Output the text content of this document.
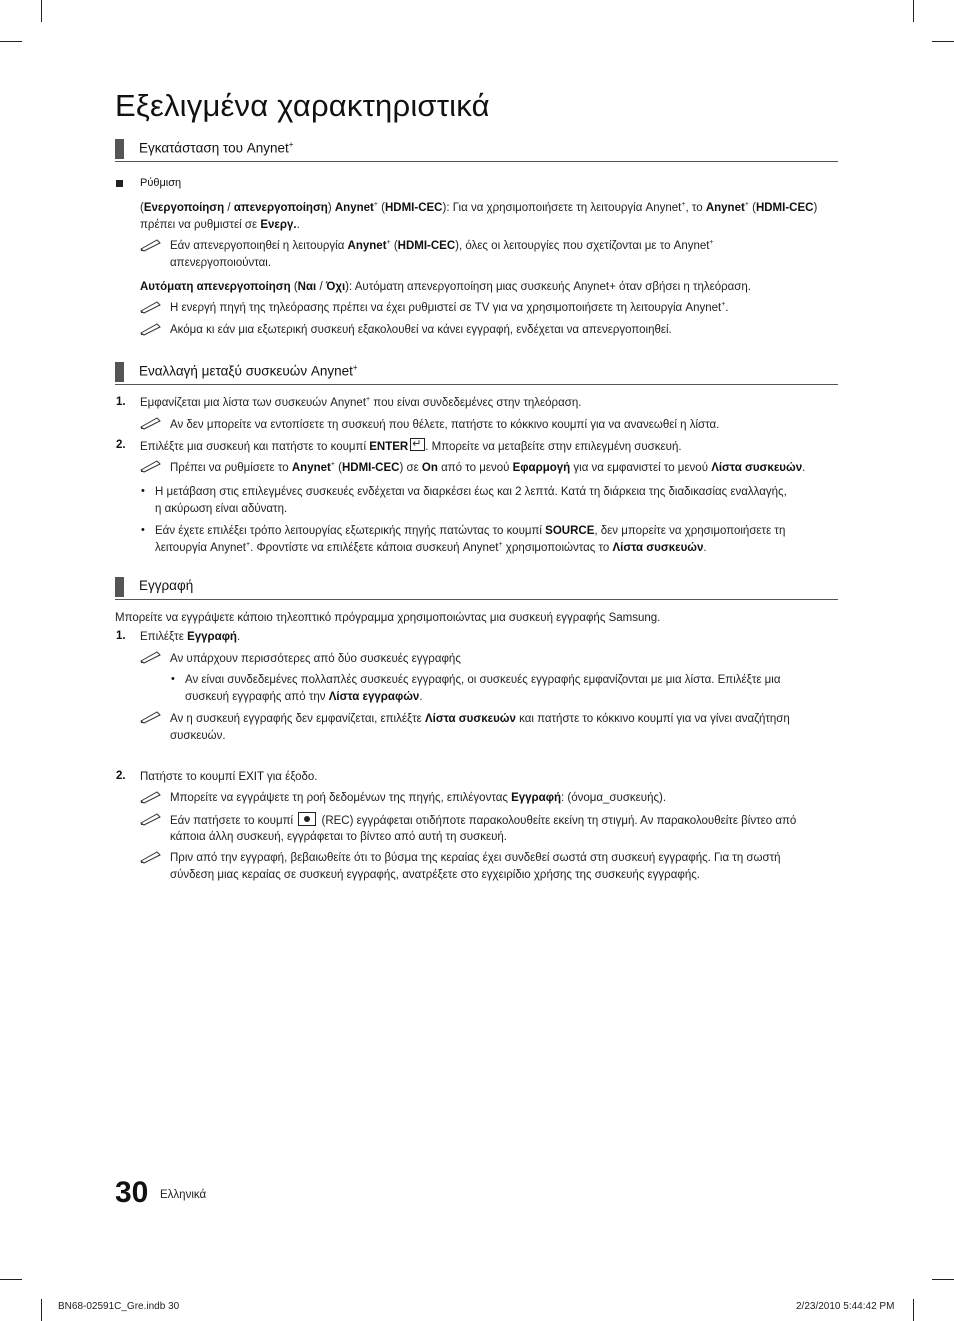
Εξελιγμένα χαρακτηριστικά
Εγκατάσταση του Anynet+
Ρύθμιση
(Ενεργοποίηση / απενεργοποίηση) Anynet+ (HDMI-CEC): Για να χρησιμοποιήσετε τη λειτουργία Anynet+, το Anynet+ (HDMI-CEC)
πρέπει να ρυθμιστεί σε Ενεργ..
Εάν απενεργοποιηθεί η λειτουργία Anynet+ (HDMI-CEC), όλες οι λειτουργίες που σχετίζονται με το Anynet+
απενεργοποιούνται.
Αυτόματη απενεργοποίηση (Ναι / Όχι): Αυτόματη απενεργοποίηση μιας συσκευής Anynet+ όταν σβήσει η τηλεόραση.
Η ενεργή πηγή της τηλεόρασης πρέπει να έχει ρυθμιστεί σε TV για να χρησιμοποιήσετε τη λειτουργία Anynet+.
Ακόμα κι εάν μια εξωτερική συσκευή εξακολουθεί να κάνει εγγραφή, ενδέχεται να απενεργοποιηθεί.
Εναλλαγή μεταξύ συσκευών Anynet+
1. Εμφανίζεται μια λίστα των συσκευών Anynet+ που είναι συνδεδεμένες στην τηλεόραση.
Αν δεν μπορείτε να εντοπίσετε τη συσκευή που θέλετε, πατήστε το κόκκινο κουμπί για να ανανεωθεί η λίστα.
2. Επιλέξτε μια συσκευή και πατήστε το κουμπί ENTER↵ . Μπορείτε να μεταβείτε στην επιλεγμένη συσκευή.
Πρέπει να ρυθμίσετε το Anynet+ (HDMI-CEC) σε On από το μενού Εφαρμογή για να εμφανιστεί το μενού Λίστα συσκευών.
• Η μετάβαση στις επιλεγμένες συσκευές ενδέχεται να διαρκέσει έως και 2 λεπτά. Κατά τη διάρκεια της διαδικασίας εναλλαγής,
η ακύρωση είναι αδύνατη.
• Εάν έχετε επιλέξει τρόπο λειτουργίας εξωτερικής πηγής πατώντας το κουμπί SOURCE, δεν μπορείτε να χρησιμοποιήσετε τη
λειτουργία Anynet+. Φροντίστε να επιλέξετε κάποια συσκευή Anynet+ χρησιμοποιώντας το Λίστα συσκευών.
Εγγραφή
Μπορείτε να εγγράψετε κάποιο τηλεοπτικό πρόγραμμα χρησιμοποιώντας μια συσκευή εγγραφής Samsung.
1. Επιλέξτε Εγγραφή.
Αν υπάρχουν περισσότερες από δύο συσκευές εγγραφής
• Αν είναι συνδεδεμένες πολλαπλές συσκευές εγγραφής, οι συσκευές εγγραφής εμφανίζονται με μια λίστα. Επιλέξτε μια
συσκευή εγγραφής από την Λίστα εγγραφών.
Αν η συσκευή εγγραφής δεν εμφανίζεται, επιλέξτε Λίστα συσκευών και πατήστε το κόκκινο κουμπί για να γίνει αναζήτηση
συσκευών.
2. Πατήστε το κουμπί EXIT για έξοδο.
Μπορείτε να εγγράψετε τη ροή δεδομένων της πηγής, επιλέγοντας Εγγραφή: (όνομα_συσκευής).
Εάν πατήσετε το κουμπί  (REC) εγγράφεται οτιδήποτε παρακολουθείτε εκείνη τη στιγμή. Αν παρακολουθείτε βίντεο από
κάποια άλλη συσκευή, εγγράφεται το βίντεο από αυτή τη συσκευή.
Πριν από την εγγραφή, βεβαιωθείτε ότι το βύσμα της κεραίας έχει συνδεθεί σωστά στη συσκευή εγγραφής. Για τη σωστή
σύνδεση μιας κεραίας σε συσκευή εγγραφής, ανατρέξετε στο εγχειρίδιο χρήσης της συσκευής εγγραφής.
30 Ελληνικά
BN68-02591C_Gre.indb 30	2/23/2010 5:44:42 PM
